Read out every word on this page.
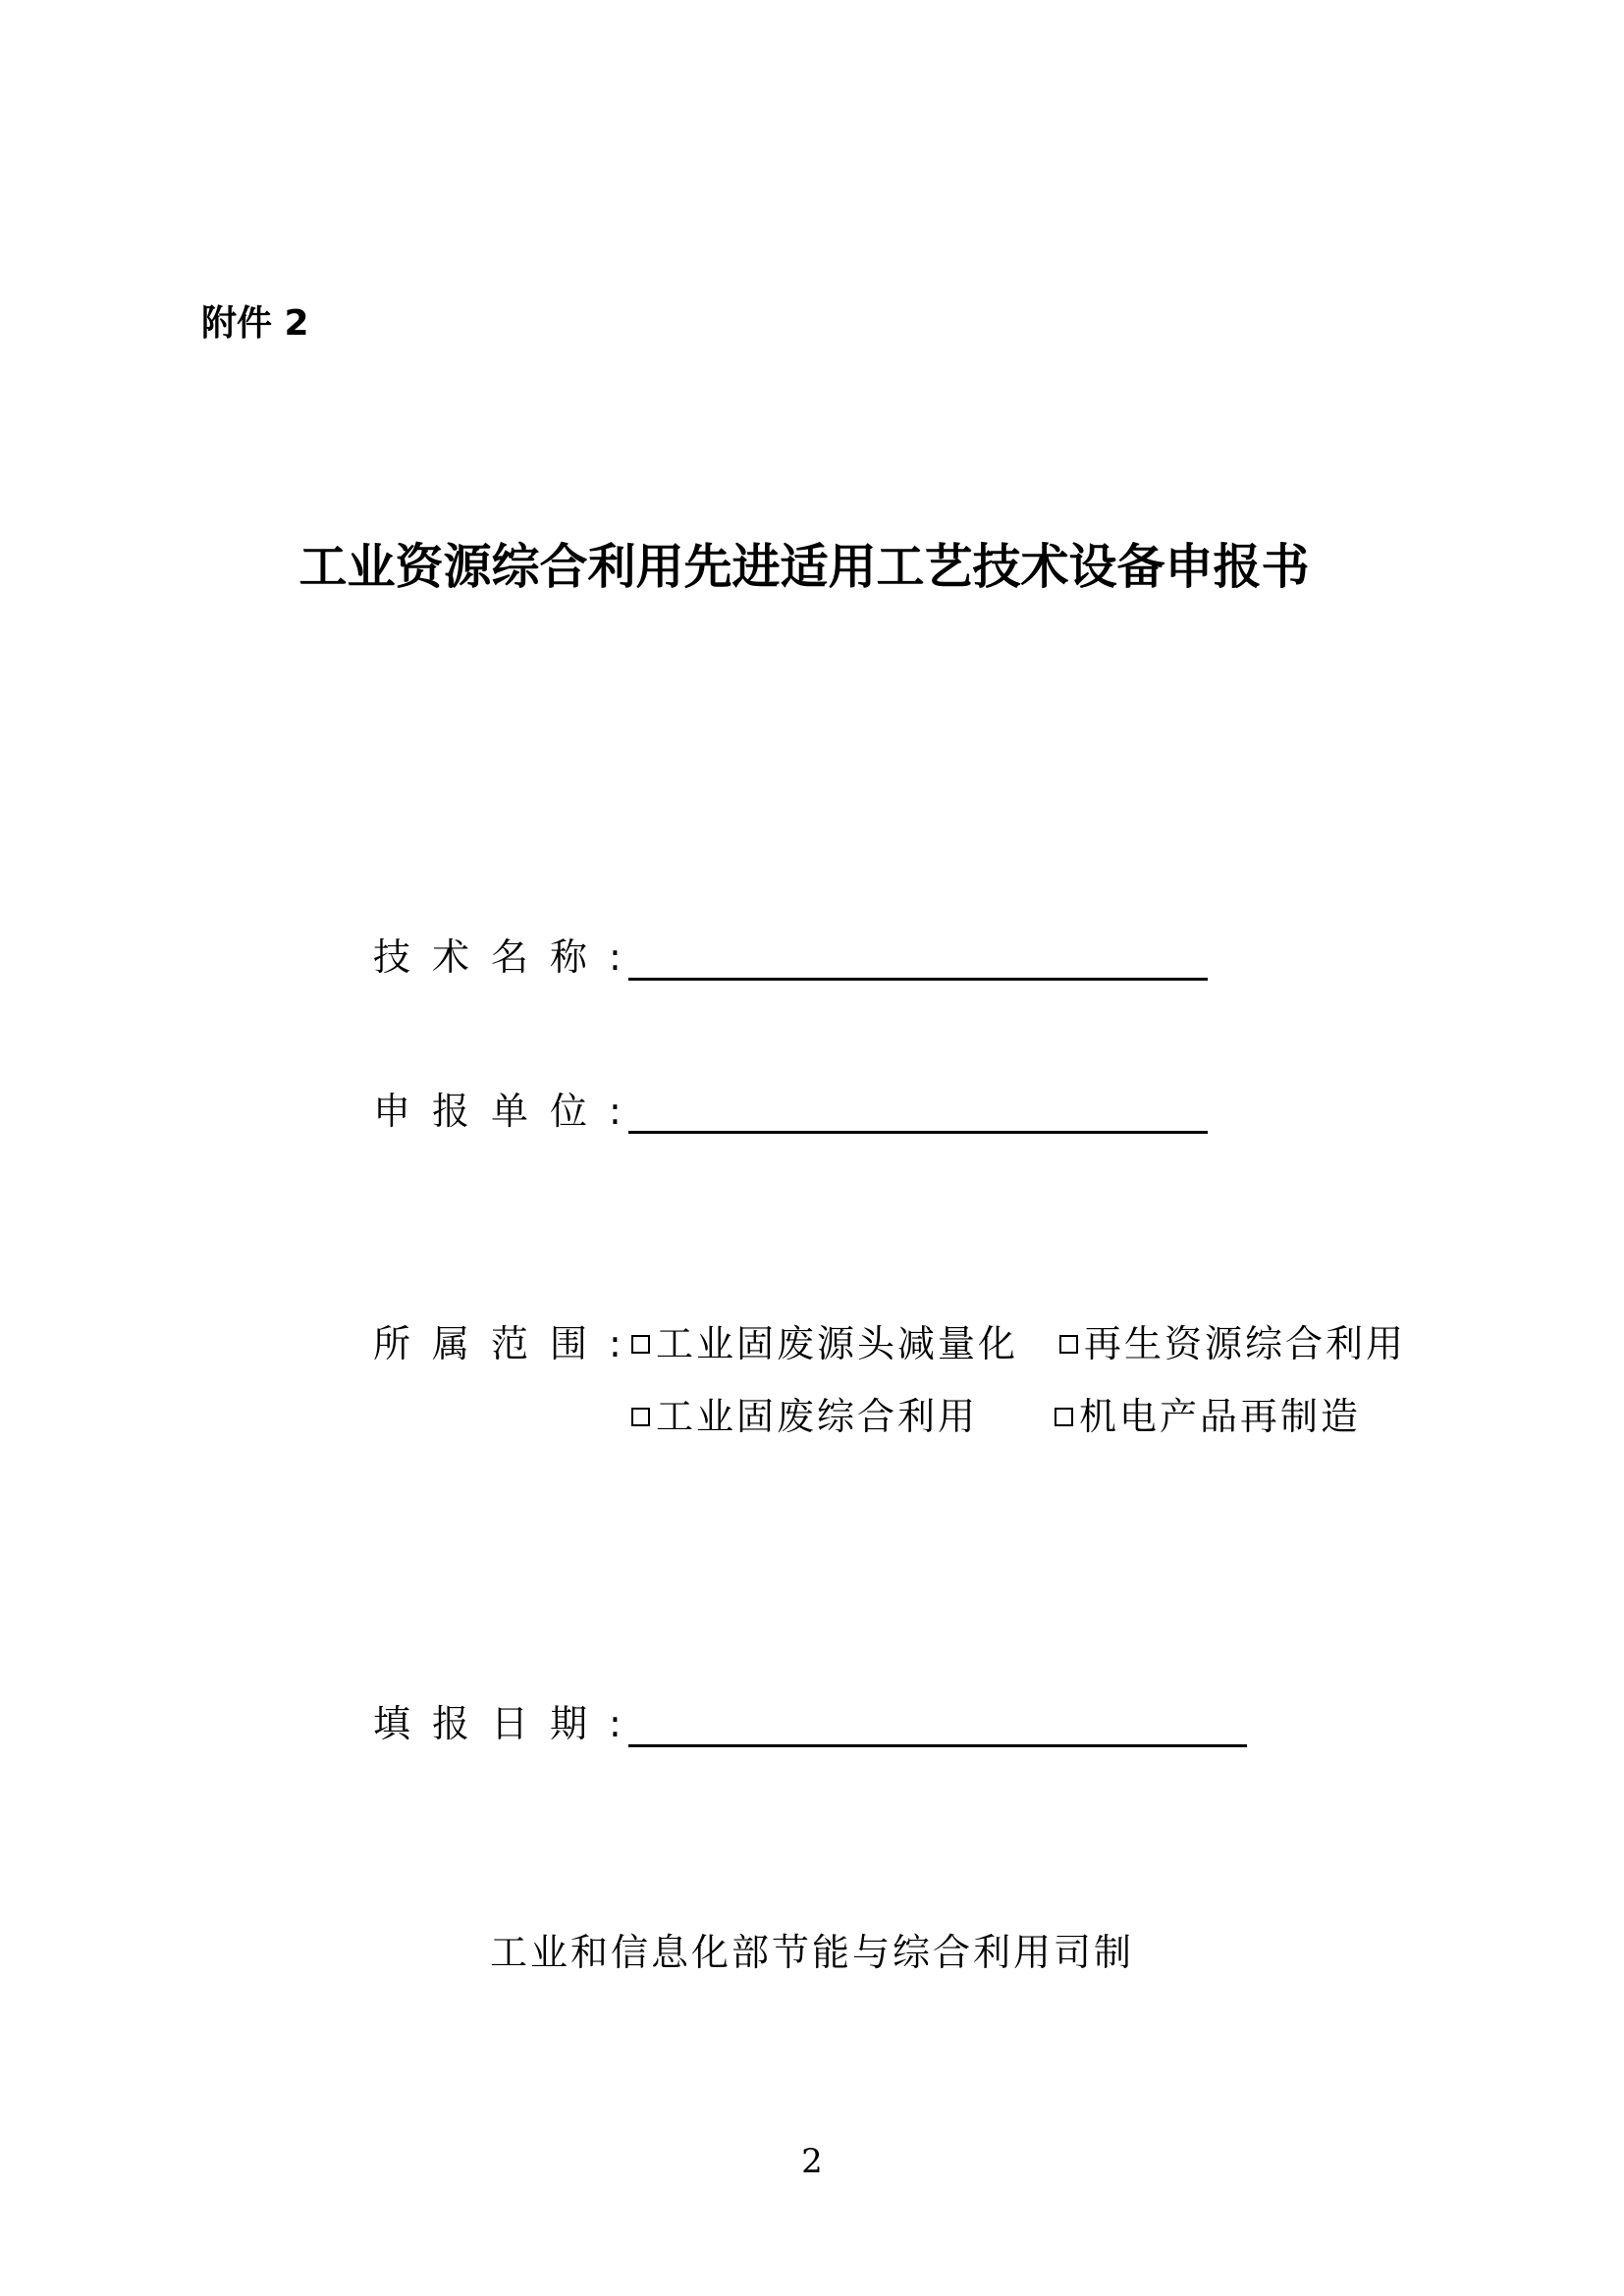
附件 2
工业资源综合利用先进适用工艺技术设备申报书
技术名称:
申报单位:
所属范围: 工业固废源头减量化	再生资源综合利用
工业固废综合利用	机电产品再制造
填报日期:
工业和信息化部节能与综合利用司制
2
